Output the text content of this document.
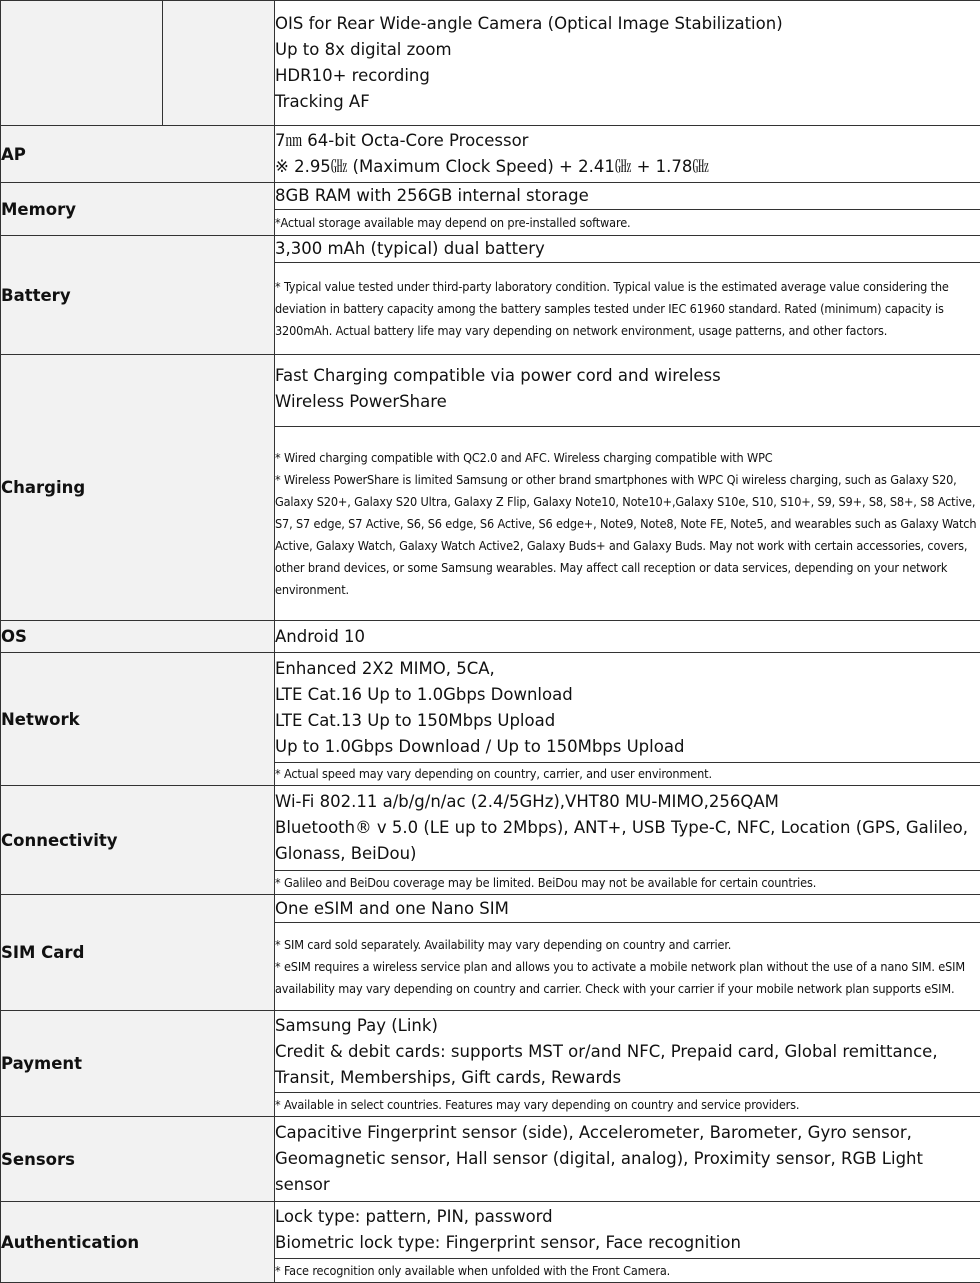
		OIS for Rear Wide-angle Camera (Optical Image Stabilization)
Up to 8x digital zoom
HDR10+ recording
Tracking AF

AP		7㎚ 64-bit Octa-Core Processor
※ 2.95㎓ (Maximum Clock Speed) + 2.41㎓ + 1.78㎓

Memory		8GB RAM with 256GB internal storage
		*Actual storage available may depend on pre-installed software.
Battery		3,300 mAh (typical) dual battery
		* Typical value tested under third-party laboratory condition. Typical value is the estimated average value considering the deviation in battery capacity among the battery samples tested under IEC 61960 standard. Rated (minimum) capacity is 3200mAh. Actual battery life may vary depending on network environment, usage patterns, and other factors.
Charging		Fast Charging compatible via power cord and wireless
Wireless PowerShare

		* Wired charging compatible with QC2.0 and AFC. Wireless charging compatible with WPC
* Wireless PowerShare is limited Samsung or other brand smartphones with WPC Qi wireless charging, such as Galaxy S20, Galaxy S20+, Galaxy S20 Ultra, Galaxy Z Flip, Galaxy Note10, Note10+,Galaxy S10e, S10, S10+, S9, S9+, S8, S8+, S8 Active, S7, S7 edge, S7 Active, S6, S6 edge, S6 Active, S6 edge+, Note9, Note8, Note FE, Note5, and wearables such as Galaxy Watch Active, Galaxy Watch, Galaxy Watch Active2, Galaxy Buds+ and Galaxy Buds. May not work with certain accessories, covers, other brand devices, or some Samsung wearables. May affect call reception or data services, depending on your network environment.

OS		Android 10
Network		Enhanced 2X2 MIMO, 5CA,
LTE Cat.16 Up to 1.0Gbps Download
LTE Cat.13 Up to 150Mbps Upload
Up to 1.0Gbps Download / Up to 150Mbps Upload

		* Actual speed may vary depending on country, carrier, and user environment.
Connectivity		Wi-Fi 802.11 a/b/g/n/ac (2.4/5GHz),VHT80 MU-MIMO,256QAM
Bluetooth® v 5.0 (LE up to 2Mbps), ANT+, USB Type-C, NFC, Location (GPS, Galileo, Glonass, BeiDou)

		* Galileo and BeiDou coverage may be limited. BeiDou may not be available for certain countries.
SIM Card		One eSIM and one Nano SIM

		* SIM card sold separately. Availability may vary depending on country and carrier.
* eSIM requires a wireless service plan and allows you to activate a mobile network plan without the use of a nano SIM. eSIM availability may vary depending on country and carrier. Check with your carrier if your mobile network plan supports eSIM.

Payment		Samsung Pay (Link)
Credit & debit cards: supports MST or/and NFC, Prepaid card, Global remittance, Transit, Memberships, Gift cards, Rewards

		* Available in select countries. Features may vary depending on country and service providers.
Sensors		Capacitive Fingerprint sensor (side), Accelerometer, Barometer, Gyro sensor, Geomagnetic sensor, Hall sensor (digital, analog), Proximity sensor, RGB Light sensor
Authentication		Lock type: pattern, PIN, password
Biometric lock type: Fingerprint sensor, Face recognition

		* Face recognition only available when unfolded with the Front Camera.
